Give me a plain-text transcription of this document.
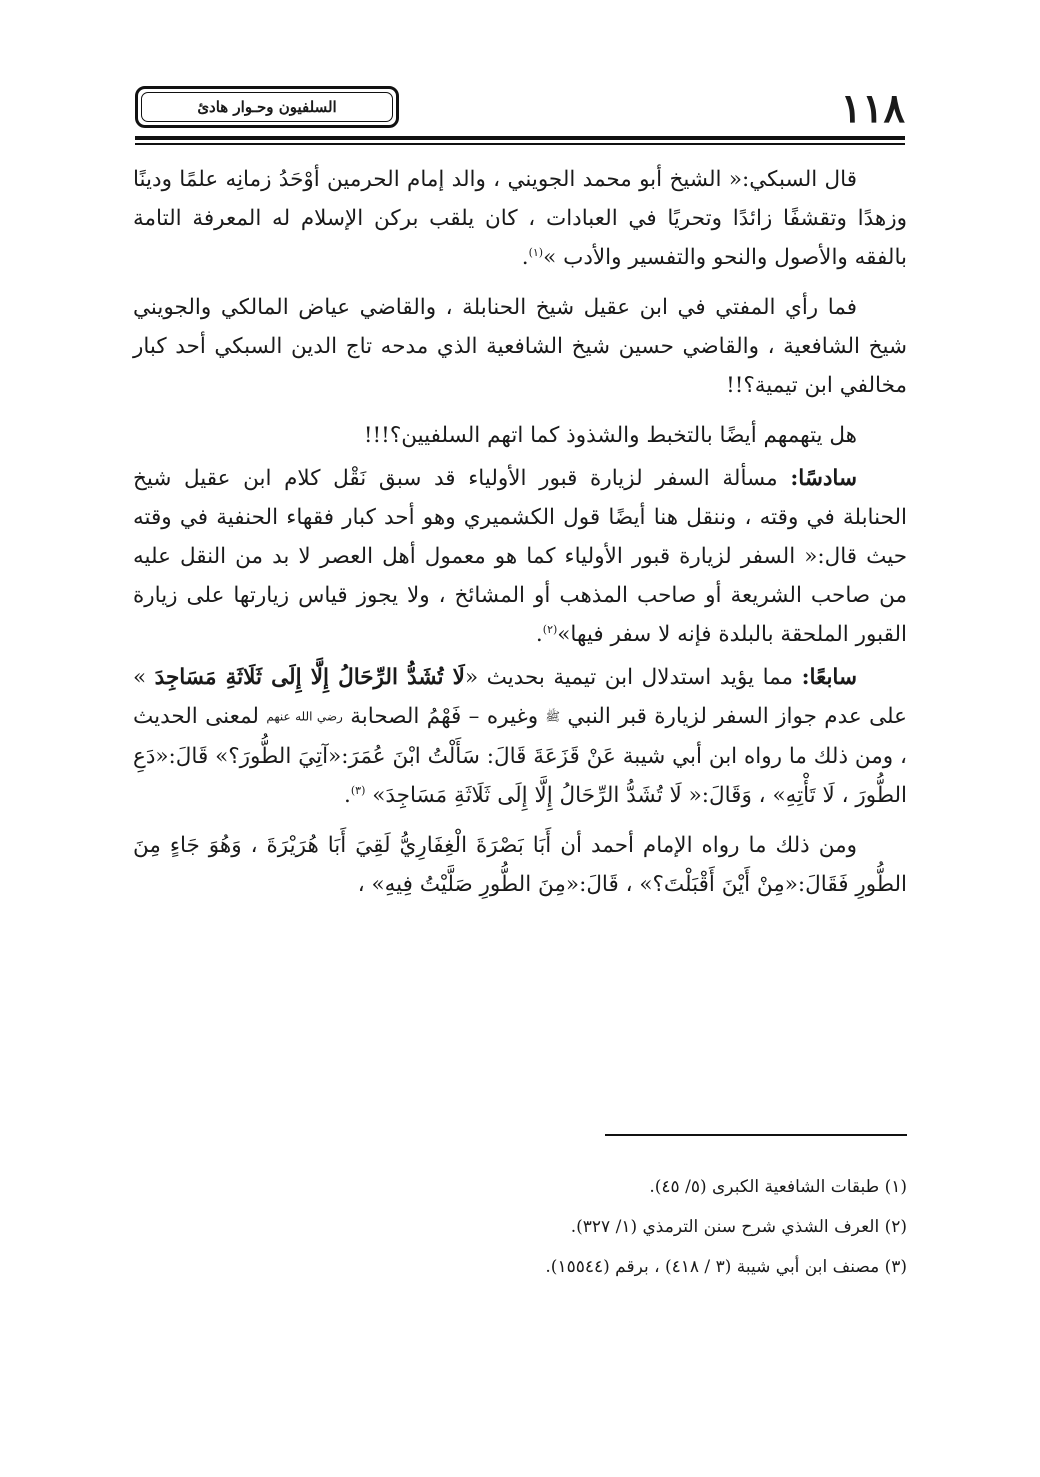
١١٨
السلفيون وحـوار هادئ

قال السبكي:« الشيخ أبو محمد الجويني ، والد إمام الحرمين أوْحَدُ زمانِه علمًا ودينًا وزهدًا وتقشفًا زائدًا وتحريًا في العبادات ، كان يلقب بركن الإسلام له المعرفة التامة بالفقه والأصول والنحو والتفسير والأدب »$^{(١)}$.

فما رأي المفتي في ابن عقيل شيخ الحنابلة ، والقاضي عياض المالكي والجويني شيخ الشافعية ، والقاضي حسين شيخ الشافعية الذي مدحه تاج الدين السبكي أحد كبار مخالفي ابن تيمية؟!!

هل يتهمهم أيضًا بالتخبط والشذوذ كما اتهم السلفيين؟!!!

سادسًا: مسألة السفر لزيارة قبور الأولياء قد سبق نَقْل كلام ابن عقيل شيخ الحنابلة في وقته ، وننقل هنا أيضًا قول الكشميري وهو أحد كبار فقهاء الحنفية في وقته حيث قال:« السفر لزيارة قبور الأولياء كما هو معمول أهل العصر لا بد من النقل عليه من صاحب الشريعة أو صاحب المذهب أو المشائخ ، ولا يجوز قياس زيارتها على زيارة القبور الملحقة بالبلدة فإنه لا سفر فيها»$^{(٢)}$.

سابعًا: مما يؤيد استدلال ابن تيمية بحديث «لَا تُشَدُّ الرِّحَالُ إِلَّا إِلَى ثَلَاثَةِ مَسَاجِدَ » على عدم جواز السفر لزيارة قبر النبي ﷺ وغيره – فَهْمُ الصحابة رضي الله عنهم لمعنى الحديث ، ومن ذلك ما رواه ابن أبي شيبة عَنْ قَزَعَةَ قَالَ: سَأَلْتُ ابْنَ عُمَرَ:«آتِيَ الطُّورَ؟» قَالَ:«دَعِ الطُّورَ ، لَا تَأْتِهِ» ، وَقَالَ:« لَا تُشَدُّ الرِّحَالُ إِلَّا إِلَى ثَلَاثَةِ مَسَاجِدَ» $^{(٣)}$.

ومن ذلك ما رواه الإمام أحمد أن أَبَا بَصْرَةَ الْغِفَارِيُّ لَقِيَ أَبَا هُرَيْرَةَ ، وَهُوَ جَاءٍ مِنَ الطُّورِ فَقَالَ:«مِنْ أَيْنَ أَقْبَلْتَ؟» ، قَالَ:«مِنَ الطُّورِ صَلَّيْتُ فِيهِ» ،

(١) طبقات الشافعية الكبرى (٥/ ٤٥).
(٢) العرف الشذي شرح سنن الترمذي (١/ ٣٢٧).
(٣) مصنف ابن أبي شيبة (٣ / ٤١٨) ، برقم (١٥٥٤٤).
